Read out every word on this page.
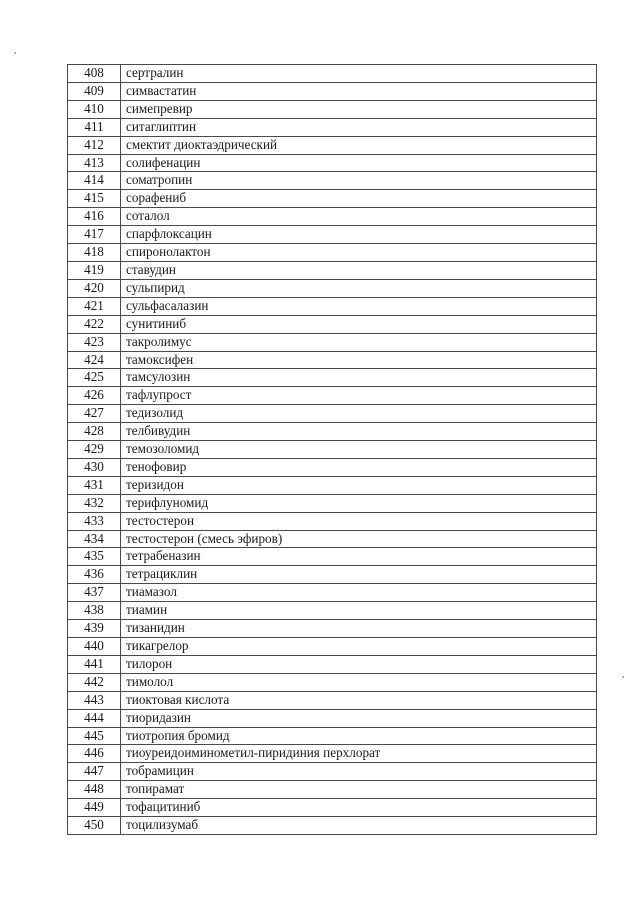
408	сертралин
409	симвастатин
410	симепревир
411	ситаглиптин
412	смектит диоктаэдрический
413	солифенацин
414	соматропин
415	сорафениб
416	соталол
417	спарфлоксацин
418	спиронолактон
419	ставудин
420	сульпирид
421	сульфасалазин
422	сунитиниб
423	такролимус
424	тамоксифен
425	тамсулозин
426	тафлупрост
427	тедизолид
428	телбивудин
429	темозоломид
430	тенофовир
431	теризидон
432	терифлуномид
433	тестостерон
434	тестостерон (смесь эфиров)
435	тетрабеназин
436	тетрациклин
437	тиамазол
438	тиамин
439	тизанидин
440	тикагрелор
441	тилорон
442	тимолол
443	тиоктовая кислота
444	тиоридазин
445	тиотропия бромид
446	тиоуреидоиминометил-пиридиния перхлорат
447	тобрамицин
448	топирамат
449	тофацитиниб
450	тоцилизумаб
